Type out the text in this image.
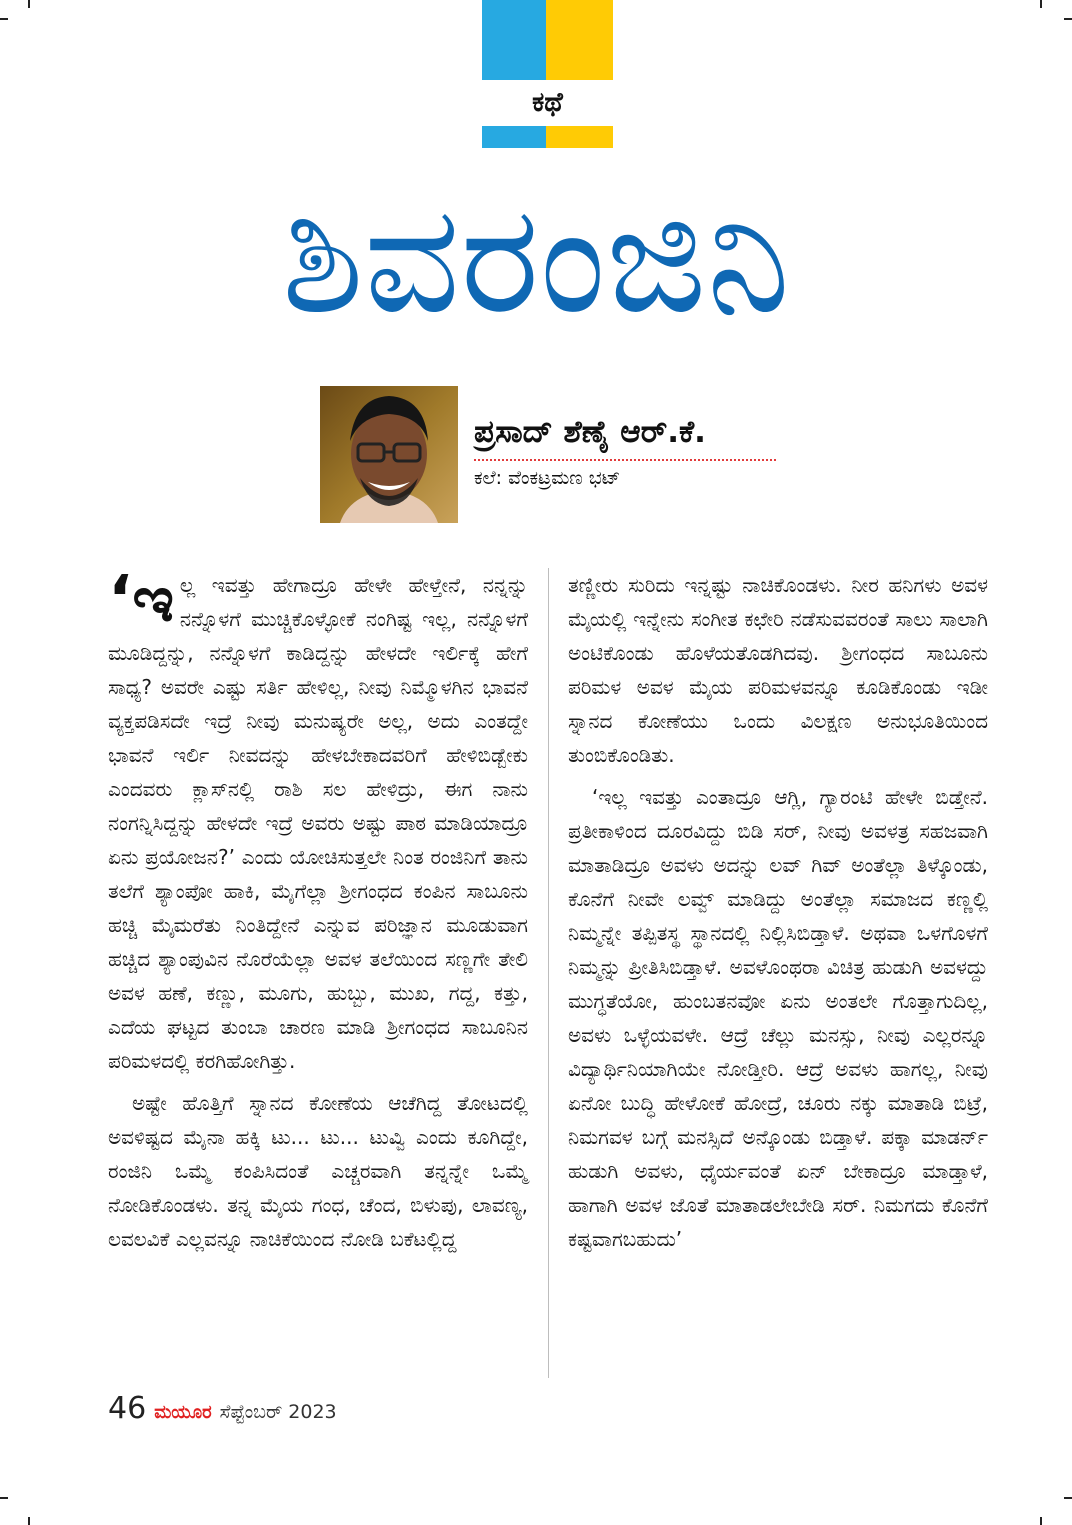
ಕಥೆ
ಶಿವರಂಜಿನಿ
ಪ್ರಸಾದ್ ಶೆಣೈ ಆರ್.ಕೆ.
ಕಲೆ: ವೆಂಕಟ್ರಮಣ ಭಟ್

‘ಇಲ್ಲ ಇವತ್ತು ಹೇಗಾದ್ರೂ ಹೇಳೇ ಹೇಳ್ತೇನೆ, ನನ್ನನ್ನು ನನ್ನೊಳಗೆ ಮುಚ್ಚಿಕೊಳ್ಳೋಕೆ ನಂಗಿಷ್ಟ ಇಲ್ಲ, ನನ್ನೊಳಗೆ ಮೂಡಿದ್ದನ್ನು, ನನ್ನೊಳಗೆ ಕಾಡಿದ್ದನ್ನು ಹೇಳದೇ ಇರ್ಲಿಕ್ಕೆ ಹೇಗೆ ಸಾಧ್ಯ? ಅವರೇ ಎಷ್ಟು ಸರ್ತಿ ಹೇಳಿಲ್ಲ, ನೀವು ನಿಮ್ಮೊಳಗಿನ ಭಾವನೆ ವ್ಯಕ್ತಪಡಿಸದೇ ಇದ್ರೆ ನೀವು ಮನುಷ್ಯರೇ ಅಲ್ಲ, ಅದು ಎಂತದ್ದೇ ಭಾವನೆ ಇರ್ಲಿ ನೀವದನ್ನು ಹೇಳಬೇಕಾದವರಿಗೆ ಹೇಳಿಬಿಡ್ಬೇಕು ಎಂದವರು ಕ್ಲಾಸ್‌ನಲ್ಲಿ ರಾಶಿ ಸಲ ಹೇಳಿದ್ರು, ಈಗ ನಾನು ನಂಗನ್ನಿಸಿದ್ದನ್ನು ಹೇಳದೇ ಇದ್ರೆ ಅವರು ಅಷ್ಟು ಪಾಠ ಮಾಡಿಯಾದ್ರೂ ಏನು ಪ್ರಯೋಜನ?’ ಎಂದು ಯೋಚಿಸುತ್ತಲೇ ನಿಂತ ರಂಜಿನಿಗೆ ತಾನು ತಲೆಗೆ ಶ್ಯಾಂಪೋ ಹಾಕಿ, ಮೈಗೆಲ್ಲಾ ಶ್ರೀಗಂಧದ ಕಂಪಿನ ಸಾಬೂನು ಹಚ್ಚಿ ಮೈಮರೆತು ನಿಂತಿದ್ದೇನೆ ಎನ್ನುವ ಪರಿಜ್ಞಾನ ಮೂಡುವಾಗ ಹಚ್ಚಿದ ಶ್ಯಾಂಪುವಿನ ನೊರೆಯೆಲ್ಲಾ ಅವಳ ತಲೆಯಿಂದ ಸಣ್ಣಗೇ ತೇಲಿ ಅವಳ ಹಣೆ, ಕಣ್ಣು, ಮೂಗು, ಹುಬ್ಬು, ಮುಖ, ಗದ್ದ, ಕತ್ತು, ಎದೆಯ ಘಟ್ಟದ ತುಂಬಾ ಚಾರಣ ಮಾಡಿ ಶ್ರೀಗಂಧದ ಸಾಬೂನಿನ ಪರಿಮಳದಲ್ಲಿ ಕರಗಿಹೋಗಿತ್ತು.

ಅಷ್ಟೇ ಹೊತ್ತಿಗೆ ಸ್ನಾನದ ಕೋಣೆಯ ಆಚೆಗಿದ್ದ ತೋಟದಲ್ಲಿ ಅವಳಿಷ್ಟದ ಮೈನಾ ಹಕ್ಕಿ ಟು... ಟು... ಟುವ್ವಿ ಎಂದು ಕೂಗಿದ್ದೇ, ರಂಜಿನಿ ಒಮ್ಮೆ ಕಂಪಿಸಿದಂತೆ ಎಚ್ಚರವಾಗಿ ತನ್ನನ್ನೇ ಒಮ್ಮೆ ನೋಡಿಕೊಂಡಳು. ತನ್ನ ಮೈಯ ಗಂಧ, ಚೆಂದ, ಬಿಳುಪು, ಲಾವಣ್ಯ, ಲವಲವಿಕೆ ಎಲ್ಲವನ್ನೂ ನಾಚಿಕೆಯಿಂದ ನೋಡಿ ಬಕೆಟಲ್ಲಿದ್ದ

ತಣ್ಣೀರು ಸುರಿದು ಇನ್ನಷ್ಟು ನಾಚಿಕೊಂಡಳು. ನೀರ ಹನಿಗಳು ಅವಳ ಮೈಯಲ್ಲಿ ಇನ್ನೇನು ಸಂಗೀತ ಕಛೇರಿ ನಡೆಸುವವರಂತೆ ಸಾಲು ಸಾಲಾಗಿ ಅಂಟಿಕೊಂಡು ಹೊಳೆಯತೊಡಗಿದವು. ಶ್ರೀಗಂಧದ ಸಾಬೂನು ಪರಿಮಳ ಅವಳ ಮೈಯ ಪರಿಮಳವನ್ನೂ ಕೂಡಿಕೊಂಡು ಇಡೀ ಸ್ನಾನದ ಕೋಣೆಯು ಒಂದು ವಿಲಕ್ಷಣ ಅನುಭೂತಿಯಿಂದ ತುಂಬಿಕೊಂಡಿತು.

‘ಇಲ್ಲ ಇವತ್ತು ಎಂತಾದ್ರೂ ಆಗ್ಲಿ, ಗ್ಯಾರಂಟಿ ಹೇಳೇ ಬಿಡ್ತೇನೆ. ಪ್ರತೀಕಾಳಿಂದ ದೂರವಿದ್ದು ಬಿಡಿ ಸರ್, ನೀವು ಅವಳತ್ರ ಸಹಜವಾಗಿ ಮಾತಾಡಿದ್ರೂ ಅವಳು ಅದನ್ನು ಲವ್ ಗಿವ್ ಅಂತೆಲ್ಲಾ ತಿಳ್ಕೊಂಡು, ಕೊನೆಗೆ ನೀವೇ ಲವ್ವ್ ಮಾಡಿದ್ದು ಅಂತೆಲ್ಲಾ ಸಮಾಜದ ಕಣ್ಣಲ್ಲಿ ನಿಮ್ಮನ್ನೇ ತಪ್ಪಿತಸ್ಥ ಸ್ಥಾನದಲ್ಲಿ ನಿಲ್ಲಿಸಿಬಿಡ್ತಾಳೆ. ಅಥವಾ ಒಳಗೊಳಗೆ ನಿಮ್ಮನ್ನು ಪ್ರೀತಿಸಿಬಿಡ್ತಾಳೆ. ಅವಳೊಂಥರಾ ವಿಚಿತ್ರ ಹುಡುಗಿ ಅವಳದ್ದು ಮುಗ್ಧತೆಯೋ, ಹುಂಬತನವೋ ಏನು ಅಂತಲೇ ಗೊತ್ತಾಗುದಿಲ್ಲ, ಅವಳು ಒಳ್ಳೆಯವಳೇ. ಆದ್ರೆ ಚೆಲ್ಲು ಮನಸ್ಸು, ನೀವು ಎಲ್ಲರನ್ನೂ ವಿದ್ಯಾರ್ಥಿನಿಯಾಗಿಯೇ ನೋಡ್ತೀರಿ. ಆದ್ರೆ ಅವಳು ಹಾಗಲ್ಲ, ನೀವು ಏನೋ ಬುದ್ಧಿ ಹೇಳೋಕೆ ಹೋದ್ರೆ, ಚೂರು ನಕ್ಕು ಮಾತಾಡಿ ಬಿಟ್ರೆ, ನಿಮಗವಳ ಬಗ್ಗೆ ಮನಸ್ಸಿದೆ ಅನ್ಕೊಂಡು ಬಿಡ್ತಾಳೆ. ಪಕ್ಕಾ ಮಾಡರ್ನ್ ಹುಡುಗಿ ಅವಳು, ಧೈರ್ಯವಂತೆ ಏನ್ ಬೇಕಾದ್ರೂ ಮಾಡ್ತಾಳೆ, ಹಾಗಾಗಿ ಅವಳ ಜೊತೆ ಮಾತಾಡಲೇಬೇಡಿ ಸರ್. ನಿಮಗದು ಕೊನೆಗೆ ಕಷ್ಟವಾಗಬಹುದು’

46 ಮಯೂರ ಸೆಪ್ಟೆಂಬರ್ 2023
